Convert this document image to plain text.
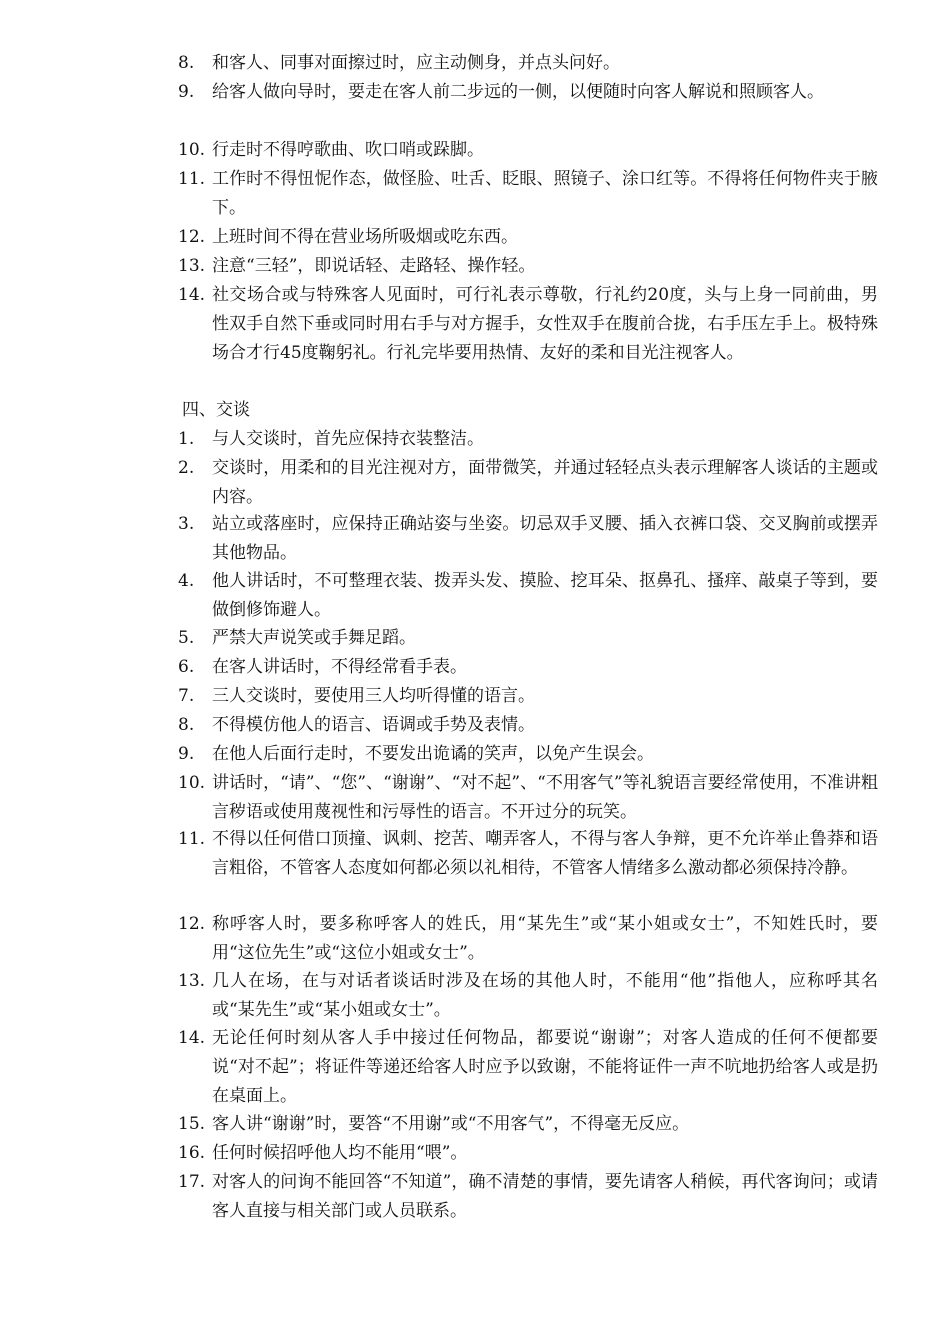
8.	和客人、同事对面擦过时，应主动侧身，并点头问好。
9.	给客人做向导时，要走在客人前二步远的一侧，以便随时向客人解说和照顾客人。
10. 行走时不得哼歌曲、吹口哨或跺脚。
11. 工作时不得忸怩作态，做怪脸、吐舌、眨眼、照镜子、涂口红等。不得将任何物件夹于腋下。
12. 上班时间不得在营业场所吸烟或吃东西。
13. 注意“三轻”，即说话轻、走路轻、操作轻。
14. 社交场合或与特殊客人见面时，可行礼表示尊敬，行礼约20度，头与上身一同前曲，男性双手自然下垂或同时用右手与对方握手，女性双手在腹前合拢，右手压左手上。极特殊场合才行45度鞠躬礼。行礼完毕要用热情、友好的柔和目光注视客人。
四、交谈
1.	与人交谈时，首先应保持衣装整洁。
2.	交谈时，用柔和的目光注视对方，面带微笑，并通过轻轻点头表示理解客人谈话的主题或内容。
3.	站立或落座时，应保持正确站姿与坐姿。切忌双手叉腰、插入衣裤口袋、交叉胸前或摆弄其他物品。
4.	他人讲话时，不可整理衣装、拨弄头发、摸脸、挖耳朵、抠鼻孔、搔痒、敲桌子等到，要做倒修饰避人。
5.	严禁大声说笑或手舞足蹈。
6.	在客人讲话时，不得经常看手表。
7.	三人交谈时，要使用三人均听得懂的语言。
8.	不得模仿他人的语言、语调或手势及表情。
9.	在他人后面行走时，不要发出诡谲的笑声，以免产生误会。
10. 讲话时，“请”、“您”、“谢谢”、“对不起”、“不用客气”等礼貌语言要经常使用，不准讲粗言秽语或使用蔑视性和污辱性的语言。不开过分的玩笑。
11. 不得以任何借口顶撞、讽刺、挖苦、嘲弄客人，不得与客人争辩，更不允许举止鲁莽和语言粗俗，不管客人态度如何都必须以礼相待，不管客人情绪多么激动都必须保持冷静。
12. 称呼客人时，要多称呼客人的姓氏，用“某先生”或“某小姐或女士”，不知姓氏时，要用“这位先生”或“这位小姐或女士”。
13. 几人在场，在与对话者谈话时涉及在场的其他人时，不能用“他”指他人，应称呼其名或“某先生”或“某小姐或女士”。
14. 无论任何时刻从客人手中接过任何物品，都要说“谢谢”；对客人造成的任何不便都要说“对不起”；将证件等递还给客人时应予以致谢，不能将证件一声不吭地扔给客人或是扔在桌面上。
15. 客人讲“谢谢”时，要答“不用谢”或“不用客气”，不得毫无反应。
16. 任何时候招呼他人均不能用“喂”。
17. 对客人的问询不能回答“不知道”，确不清楚的事情，要先请客人稍候，再代客询问；或请客人直接与相关部门或人员联系。
